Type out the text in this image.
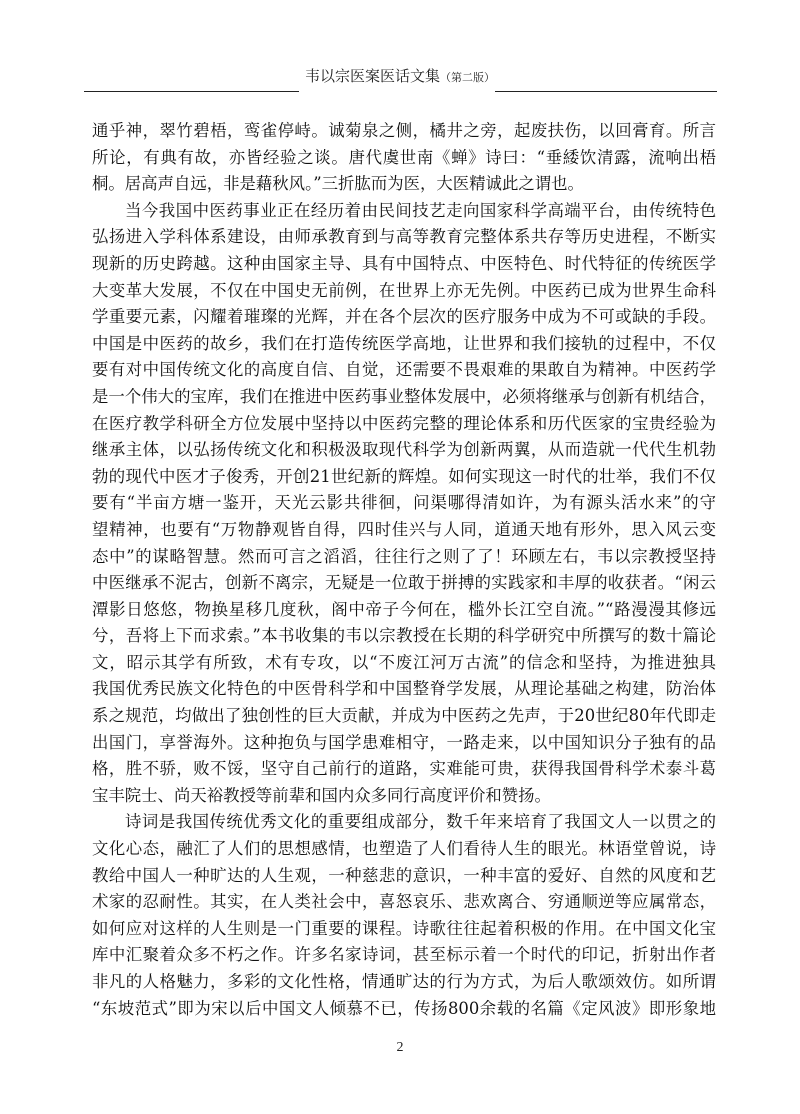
韦以宗医案医话文集（第二版）
通乎神，翠竹碧梧，鸾雀停峙。诚菊泉之侧，橘井之旁，起废扶伤，以回膏育。所言
所论，有典有故，亦皆经验之谈。唐代虞世南《蝉》诗曰：“垂緌饮清露，流响出梧
桐。居高声自远，非是藉秋风。”三折肱而为医，大医精诚此之谓也。
当今我国中医药事业正在经历着由民间技艺走向国家科学高端平台，由传统特色
弘扬进入学科体系建设，由师承教育到与高等教育完整体系共存等历史进程，不断实
现新的历史跨越。这种由国家主导、具有中国特点、中医特色、时代特征的传统医学
大变革大发展，不仅在中国史无前例，在世界上亦无先例。中医药已成为世界生命科
学重要元素，闪耀着璀璨的光辉，并在各个层次的医疗服务中成为不可或缺的手段。
中国是中医药的故乡，我们在打造传统医学高地，让世界和我们接轨的过程中，不仅
要有对中国传统文化的高度自信、自觉，还需要不畏艰难的果敢自为精神。中医药学
是一个伟大的宝库，我们在推进中医药事业整体发展中，必须将继承与创新有机结合，
在医疗教学科研全方位发展中坚持以中医药完整的理论体系和历代医家的宝贵经验为
继承主体，以弘扬传统文化和积极汲取现代科学为创新两翼，从而造就一代代生机勃
勃的现代中医才子俊秀，开创21世纪新的辉煌。如何实现这一时代的壮举，我们不仅
要有“半亩方塘一鉴开，天光云影共徘徊，问渠哪得清如许，为有源头活水来”的守
望精神，也要有“万物静观皆自得，四时佳兴与人同，道通天地有形外，思入风云变
态中”的谋略智慧。然而可言之滔滔，往往行之则了了！环顾左右，韦以宗教授坚持
中医继承不泥古，创新不离宗，无疑是一位敢于拼搏的实践家和丰厚的收获者。“闲云
潭影日悠悠，物换星移几度秋，阁中帝子今何在，槛外长江空自流。”“路漫漫其修远
兮，吾将上下而求索。”本书收集的韦以宗教授在长期的科学研究中所撰写的数十篇论
文，昭示其学有所致，术有专攻，以“不废江河万古流”的信念和坚持，为推进独具
我国优秀民族文化特色的中医骨科学和中国整脊学发展，从理论基础之构建，防治体
系之规范，均做出了独创性的巨大贡献，并成为中医药之先声，于20世纪80年代即走
出国门，享誉海外。这种抱负与国学患难相守，一路走来，以中国知识分子独有的品
格，胜不骄，败不馁，坚守自己前行的道路，实难能可贵，获得我国骨科学术泰斗葛
宝丰院士、尚天裕教授等前辈和国内众多同行高度评价和赞扬。
诗词是我国传统优秀文化的重要组成部分，数千年来培育了我国文人一以贯之的
文化心态，融汇了人们的思想感情，也塑造了人们看待人生的眼光。林语堂曾说，诗
教给中国人一种旷达的人生观，一种慈悲的意识，一种丰富的爱好、自然的风度和艺
术家的忍耐性。其实，在人类社会中，喜怒哀乐、悲欢离合、穷通顺逆等应属常态，
如何应对这样的人生则是一门重要的课程。诗歌往往起着积极的作用。在中国文化宝
库中汇聚着众多不朽之作。许多名家诗词，甚至标示着一个时代的印记，折射出作者
非凡的人格魅力，多彩的文化性格，情通旷达的行为方式，为后人歌颂效仿。如所谓
“东坡范式”即为宋以后中国文人倾慕不已，传扬800余载的名篇《定风波》即形象地
2
